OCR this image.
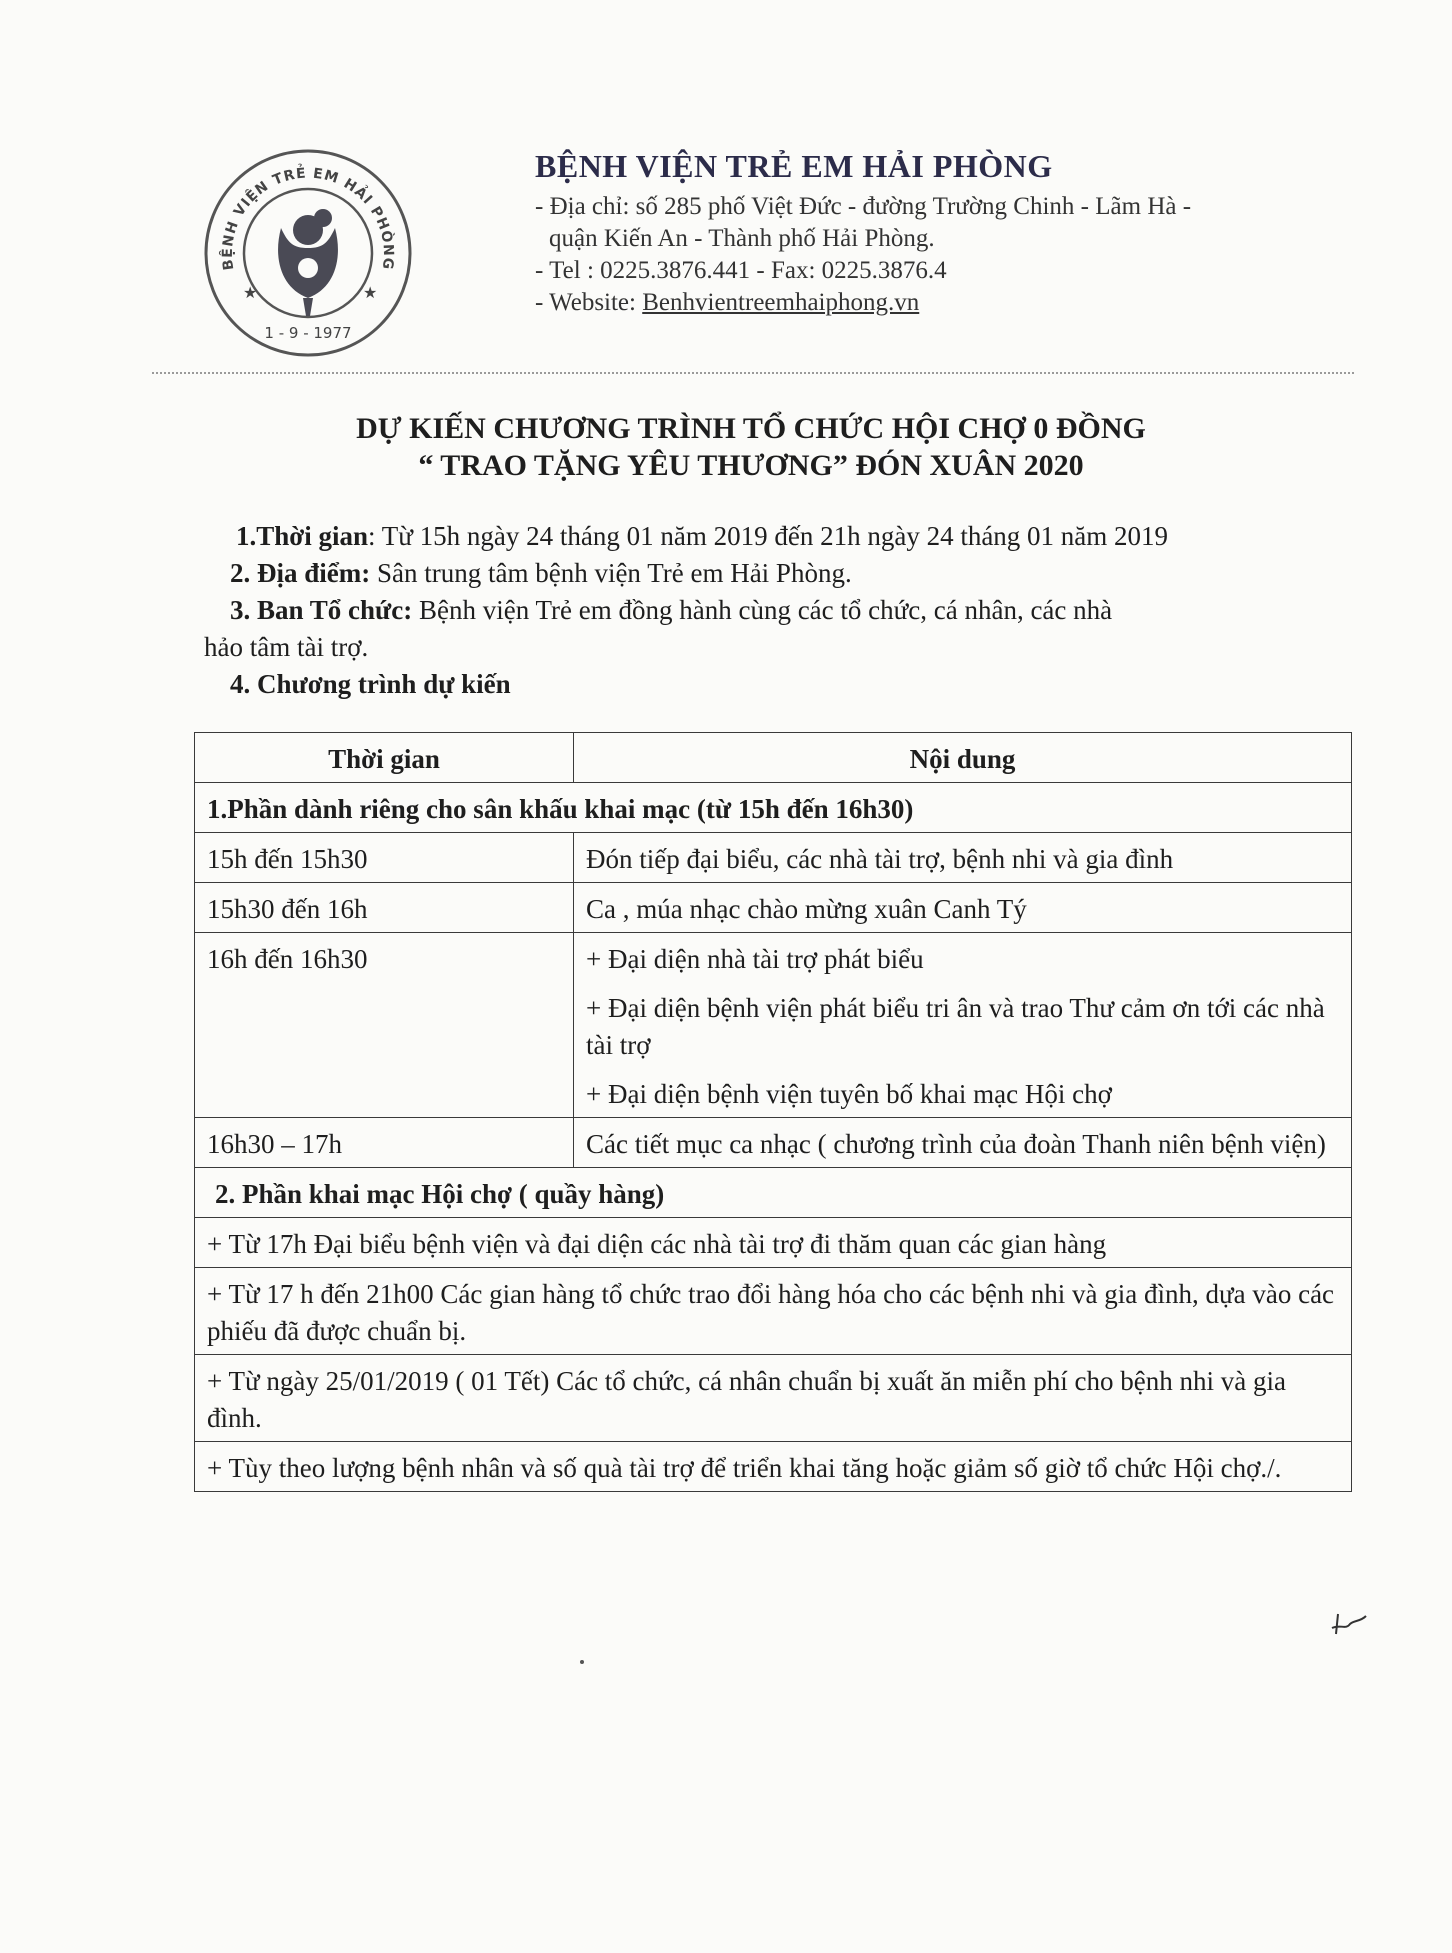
BỆNH VIỆN TRẺ EM HẢI PHÒNG
★	★
1 - 9 - 1977

BỆNH VIỆN TRẺ EM HẢI PHÒNG

- Địa chỉ: số 285 phố Việt Đức - đường Trường Chinh - Lãm Hà -

quận Kiến An - Thành phố Hải Phòng.

- Tel : 0225.3876.441 - Fax: 0225.3876.4

- Website: Benhvientreemhaiphong.vn

DỰ KIẾN CHƯƠNG TRÌNH TỔ CHỨC HỘI CHỢ 0 ĐỒNG
“ TRAO TẶNG YÊU THƯƠNG” ĐÓN XUÂN 2020

1.Thời gian: Từ 15h ngày 24 tháng 01 năm 2019 đến 21h ngày 24 tháng 01 năm 2019

2. Địa điểm: Sân trung tâm bệnh viện Trẻ em Hải Phòng.

3. Ban Tổ chức: Bệnh viện Trẻ em đồng hành cùng các tổ chức, cá nhân, các nhà

hảo tâm tài trợ.

4. Chương trình dự kiến

Thời gian	Nội dung
1.Phần dành riêng cho sân khấu khai mạc (từ 15h đến 16h30)	
15h đến 15h30	Đón tiếp đại biểu, các nhà tài trợ, bệnh nhi và gia đình
15h30 đến 16h	Ca , múa nhạc chào mừng xuân Canh Tý
16h đến 16h30	+ Đại diện nhà tài trợ phát biểu
+ Đại diện bệnh viện phát biểu tri ân và trao Thư cảm ơn tới các nhà tài trợ
+ Đại diện bệnh viện tuyên bố khai mạc Hội chợ

16h30 – 17h	Các tiết mục ca nhạc ( chương trình của đoàn Thanh niên bệnh viện)
2. Phần khai mạc Hội chợ ( quầy hàng)	
+ Từ 17h Đại biểu bệnh viện và đại diện các nhà tài trợ đi thăm quan các gian hàng	
+ Từ 17 h đến 21h00 Các gian hàng tổ chức trao đổi hàng hóa cho các bệnh nhi và gia đình, dựa vào các phiếu đã được chuẩn bị.	
+ Từ ngày 25/01/2019 ( 01 Tết) Các tổ chức, cá nhân chuẩn bị xuất ăn miễn phí cho bệnh nhi và gia đình.	
+ Tùy theo lượng bệnh nhân và số quà tài trợ để triển khai tăng hoặc giảm số giờ tổ chức Hội chợ./.	
